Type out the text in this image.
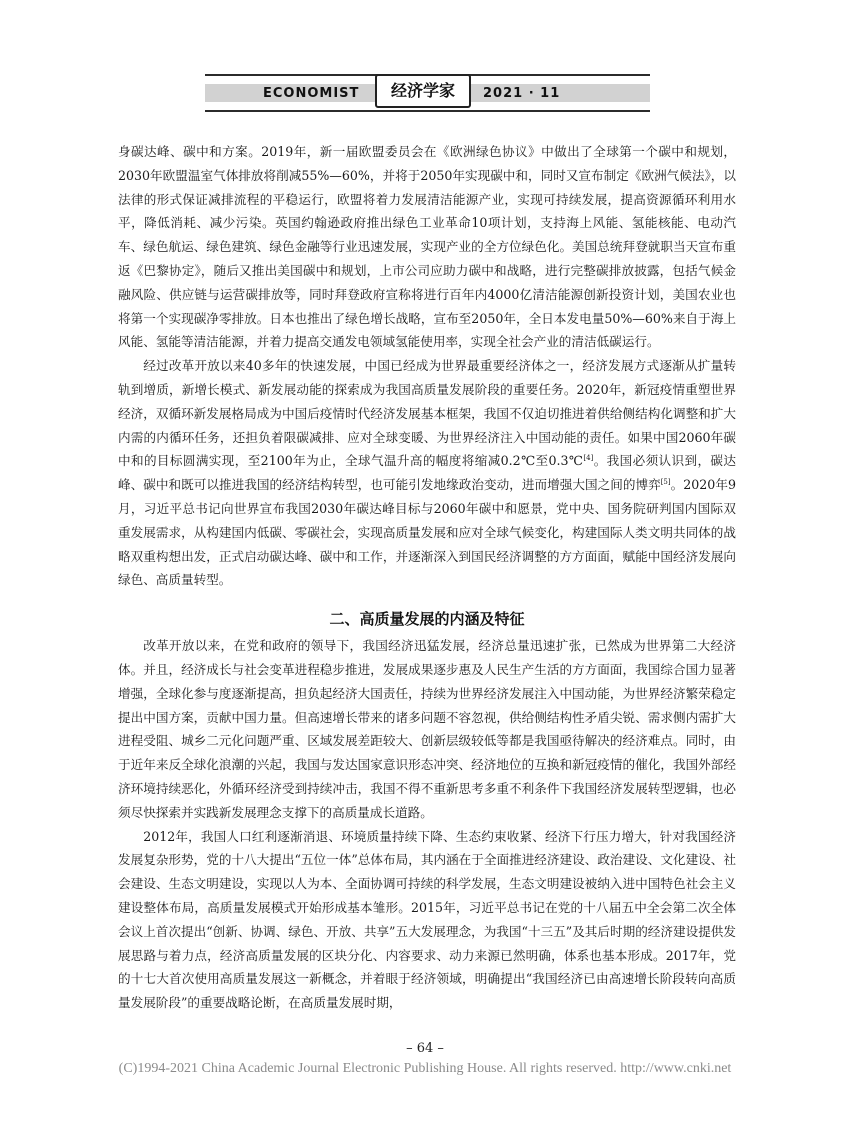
ECONOMIST	经济学家	2021 · 11

身碳达峰、碳中和方案。2019年，新一届欧盟委员会在《欧洲绿色协议》中做出了全球第一个碳中和规划，2030年欧盟温室气体排放将削减55%—60%，并将于2050年实现碳中和，同时又宣布制定《欧洲气候法》，以法律的形式保证减排流程的平稳运行，欧盟将着力发展清洁能源产业，实现可持续发展，提高资源循环利用水平，降低消耗、减少污染。英国约翰逊政府推出绿色工业革命10项计划，支持海上风能、氢能核能、电动汽车、绿色航运、绿色建筑、绿色金融等行业迅速发展，实现产业的全方位绿色化。美国总统拜登就职当天宣布重返《巴黎协定》，随后又推出美国碳中和规划，上市公司应助力碳中和战略，进行完整碳排放披露，包括气候金融风险、供应链与运营碳排放等，同时拜登政府宣称将进行百年内4000亿清洁能源创新投资计划，美国农业也将第一个实现碳净零排放。日本也推出了绿色增长战略，宣布至2050年，全日本发电量50%—60%来自于海上风能、氢能等清洁能源，并着力提高交通发电领域氢能使用率，实现全社会产业的清洁低碳运行。

经过改革开放以来40多年的快速发展，中国已经成为世界最重要经济体之一，经济发展方式逐渐从扩量转轨到增质，新增长模式、新发展动能的探索成为我国高质量发展阶段的重要任务。2020年，新冠疫情重塑世界经济，双循环新发展格局成为中国后疫情时代经济发展基本框架，我国不仅迫切推进着供给侧结构化调整和扩大内需的内循环任务，还担负着限碳减排、应对全球变暖、为世界经济注入中国动能的责任。如果中国2060年碳中和的目标圆满实现，至2100年为止，全球气温升高的幅度将缩减0.2℃至0.3℃[4]。我国必须认识到，碳达峰、碳中和既可以推进我国的经济结构转型，也可能引发地缘政治变动，进而增强大国之间的博弈[5]。2020年9月，习近平总书记向世界宣布我国2030年碳达峰目标与2060年碳中和愿景，党中央、国务院研判国内国际双重发展需求，从构建国内低碳、零碳社会，实现高质量发展和应对全球气候变化，构建国际人类文明共同体的战略双重构想出发，正式启动碳达峰、碳中和工作，并逐渐深入到国民经济调整的方方面面，赋能中国经济发展向绿色、高质量转型。

二、高质量发展的内涵及特征

改革开放以来，在党和政府的领导下，我国经济迅猛发展，经济总量迅速扩张，已然成为世界第二大经济体。并且，经济成长与社会变革进程稳步推进，发展成果逐步惠及人民生产生活的方方面面，我国综合国力显著增强，全球化参与度逐渐提高，担负起经济大国责任，持续为世界经济发展注入中国动能，为世界经济繁荣稳定提出中国方案，贡献中国力量。但高速增长带来的诸多问题不容忽视，供给侧结构性矛盾尖锐、需求侧内需扩大进程受阻、城乡二元化问题严重、区域发展差距较大、创新层级较低等都是我国亟待解决的经济难点。同时，由于近年来反全球化浪潮的兴起，我国与发达国家意识形态冲突、经济地位的互换和新冠疫情的催化，我国外部经济环境持续恶化，外循环经济受到持续冲击，我国不得不重新思考多重不利条件下我国经济发展转型逻辑，也必须尽快探索并实践新发展理念支撑下的高质量成长道路。

2012年，我国人口红利逐渐消退、环境质量持续下降、生态约束收紧、经济下行压力增大，针对我国经济发展复杂形势，党的十八大提出“五位一体”总体布局，其内涵在于全面推进经济建设、政治建设、文化建设、社会建设、生态文明建设，实现以人为本、全面协调可持续的科学发展，生态文明建设被纳入进中国特色社会主义建设整体布局，高质量发展模式开始形成基本雏形。2015年，习近平总书记在党的十八届五中全会第二次全体会议上首次提出“创新、协调、绿色、开放、共享”五大发展理念，为我国“十三五”及其后时期的经济建设提供发展思路与着力点，经济高质量发展的区块分化、内容要求、动力来源已然明确，体系也基本形成。2017年，党的十七大首次使用高质量发展这一新概念，并着眼于经济领域，明确提出“我国经济已由高速增长阶段转向高质量发展阶段”的重要战略论断，在高质量发展时期，

– 64 –
(C)1994-2021 China Academic Journal Electronic Publishing House. All rights reserved. http://www.cnki.net
